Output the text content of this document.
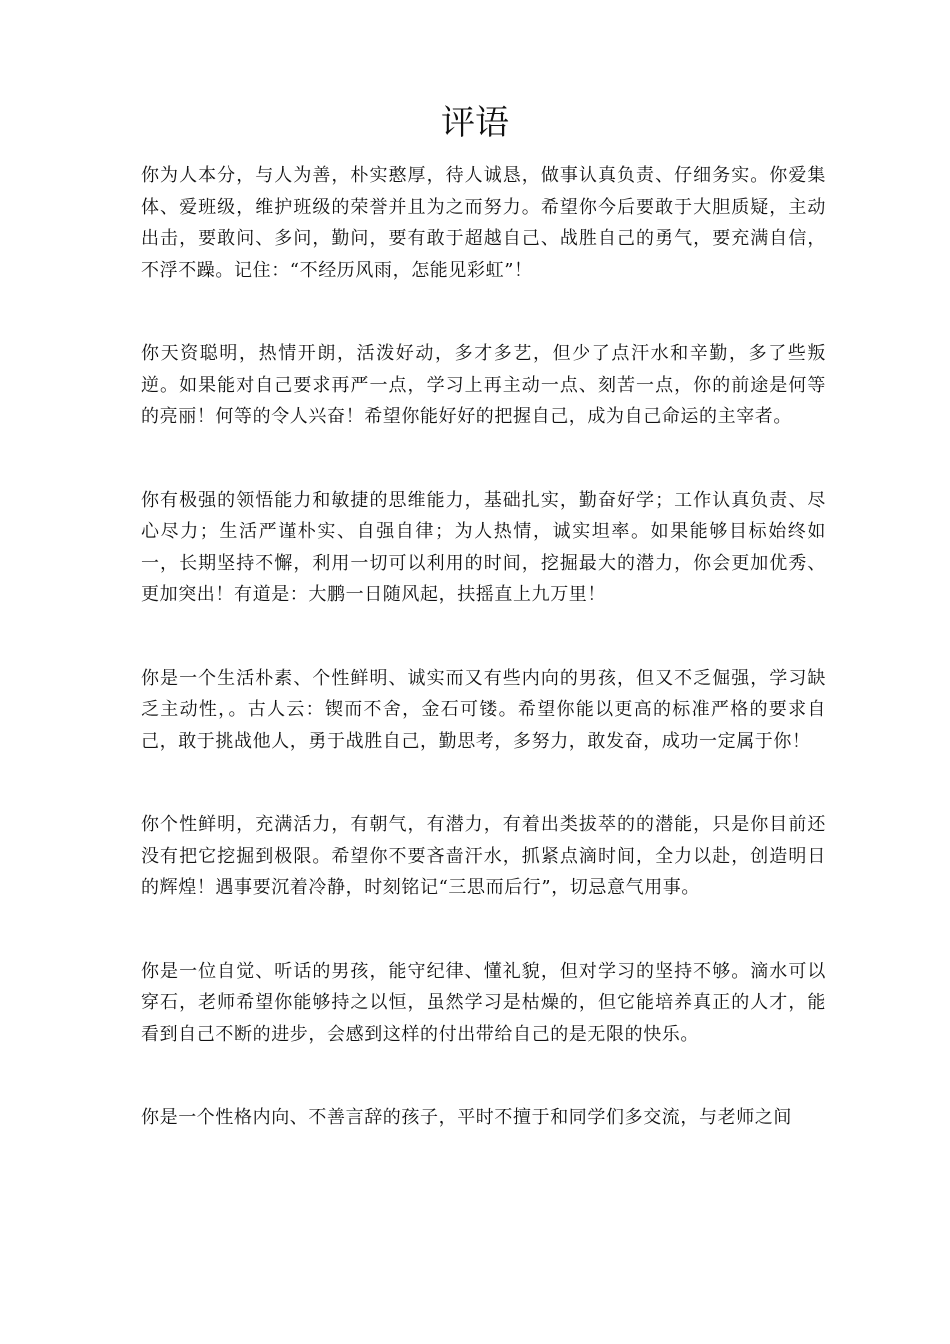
评语

你为人本分，与人为善，朴实憨厚，待人诚恳，做事认真负责、仔细务实。你爱集体、爱班级，维护班级的荣誉并且为之而努力。希望你今后要敢于大胆质疑，主动出击，要敢问、多问，勤问，要有敢于超越自己、战胜自己的勇气，要充满自信，不浮不躁。记住：“不经历风雨，怎能见彩虹”！

你天资聪明，热情开朗，活泼好动，多才多艺，但少了点汗水和辛勤，多了些叛逆。如果能对自己要求再严一点，学习上再主动一点、刻苦一点，你的前途是何等的亮丽！何等的令人兴奋！希望你能好好的把握自己，成为自己命运的主宰者。

你有极强的领悟能力和敏捷的思维能力，基础扎实，勤奋好学；工作认真负责、尽心尽力；生活严谨朴实、自强自律；为人热情，诚实坦率。如果能够目标始终如一，长期坚持不懈，利用一切可以利用的时间，挖掘最大的潜力，你会更加优秀、更加突出！有道是：大鹏一日随风起，扶摇直上九万里！

你是一个生活朴素、个性鲜明、诚实而又有些内向的男孩，但又不乏倔强，学习缺乏主动性，。古人云：锲而不舍，金石可镂。希望你能以更高的标准严格的要求自己，敢于挑战他人，勇于战胜自己，勤思考，多努力，敢发奋，成功一定属于你！

你个性鲜明，充满活力，有朝气，有潜力，有着出类拔萃的的潜能，只是你目前还没有把它挖掘到极限。希望你不要吝啬汗水，抓紧点滴时间，全力以赴，创造明日的辉煌！遇事要沉着冷静，时刻铭记“三思而后行”，切忌意气用事。

你是一位自觉、听话的男孩，能守纪律、懂礼貌，但对学习的坚持不够。滴水可以穿石，老师希望你能够持之以恒，虽然学习是枯燥的，但它能培养真正的人才，能看到自己不断的进步，会感到这样的付出带给自己的是无限的快乐。

你是一个性格内向、不善言辞的孩子，平时不擅于和同学们多交流，与老师之间
